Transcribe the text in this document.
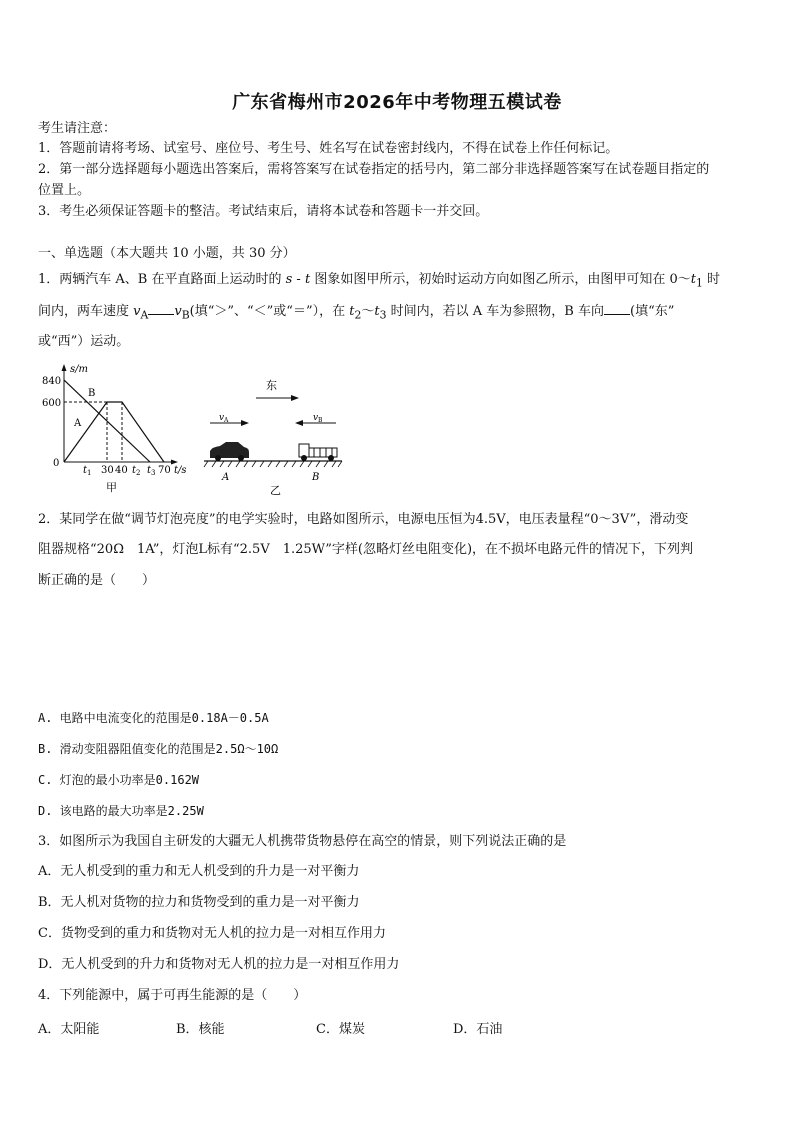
广东省梅州市2026年中考物理五模试卷
考生请注意：
1．答题前请将考场、试室号、座位号、考生号、姓名写在试卷密封线内，不得在试卷上作任何标记。
2．第一部分选择题每小题选出答案后，需将答案写在试卷指定的括号内，第二部分非选择题答案写在试卷题目指定的
位置上。
3．考生必须保证答题卡的整洁。考试结束后，请将本试卷和答题卡一并交回。
一、单选题（本大题共 10 小题，共 30 分）
1．两辆汽车 A、B 在平直路面上运动时的 s - t 图象如图甲所示，初始时运动方向如图乙所示，由图甲可知在 $0\sim t_1$ 时
间内，两车速度 $v_A$ $v_B$(填“＞”、“＜”或“＝”），在 $t_2\sim t_3$ 时间内，若以 A 车为参照物，B 车向 (填“东”
或“西”）运动。
s/m
t/s
840
600
0
B
A
t 1 30 40 t 2 t 3 70
甲
东
v A	v B
A	B
乙
2．某同学在做“调节灯泡亮度”的电学实验时，电路如图所示，电源电压恒为4.5V，电压表量程“0～3V”，滑动变
阻器规格“20Ω　1A”，灯泡L标有“2.5V　1.25W”字样(忽略灯丝电阻变化)，在不损坏电路元件的情况下，下列判
断正确的是（　　）
A. 电路中电流变化的范围是0.18A－0.5A
B. 滑动变阻器阻值变化的范围是2.5Ω～10Ω
C. 灯泡的最小功率是0.162W
D. 该电路的最大功率是2.25W
3．如图所示为我国自主研发的大疆无人机携带货物悬停在高空的情景，则下列说法正确的是
A．无人机受到的重力和无人机受到的升力是一对平衡力
B．无人机对货物的拉力和货物受到的重力是一对平衡力
C．货物受到的重力和货物对无人机的拉力是一对相互作用力
D．无人机受到的升力和货物对无人机的拉力是一对相互作用力
4．下列能源中，属于可再生能源的是（　　）
A．太阳能	B．核能	C．煤炭	D．石油
